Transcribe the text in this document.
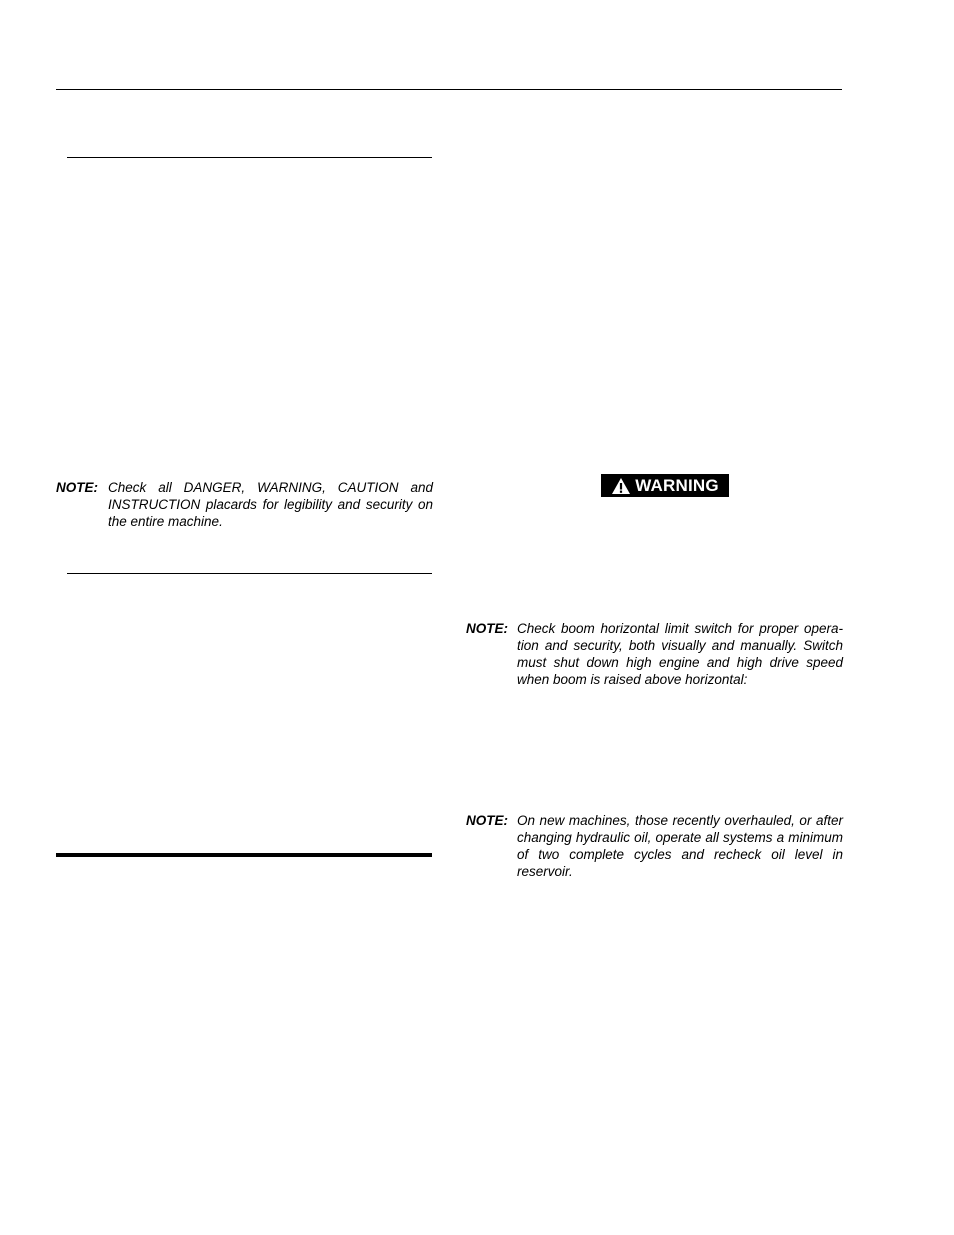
NOTE: Check all DANGER, WARNING, CAUTION and INSTRUCTION placards for legibility and security on the entire machine.
WARNING
NOTE: Check boom horizontal limit switch for proper opera-tion and security, both visually and manually. Switch must shut down high engine and high drive speed when boom is raised above horizontal:
NOTE: On new machines, those recently overhauled, or after changing hydraulic oil, operate all systems a minimum of two complete cycles and recheck oil level in reservoir.
